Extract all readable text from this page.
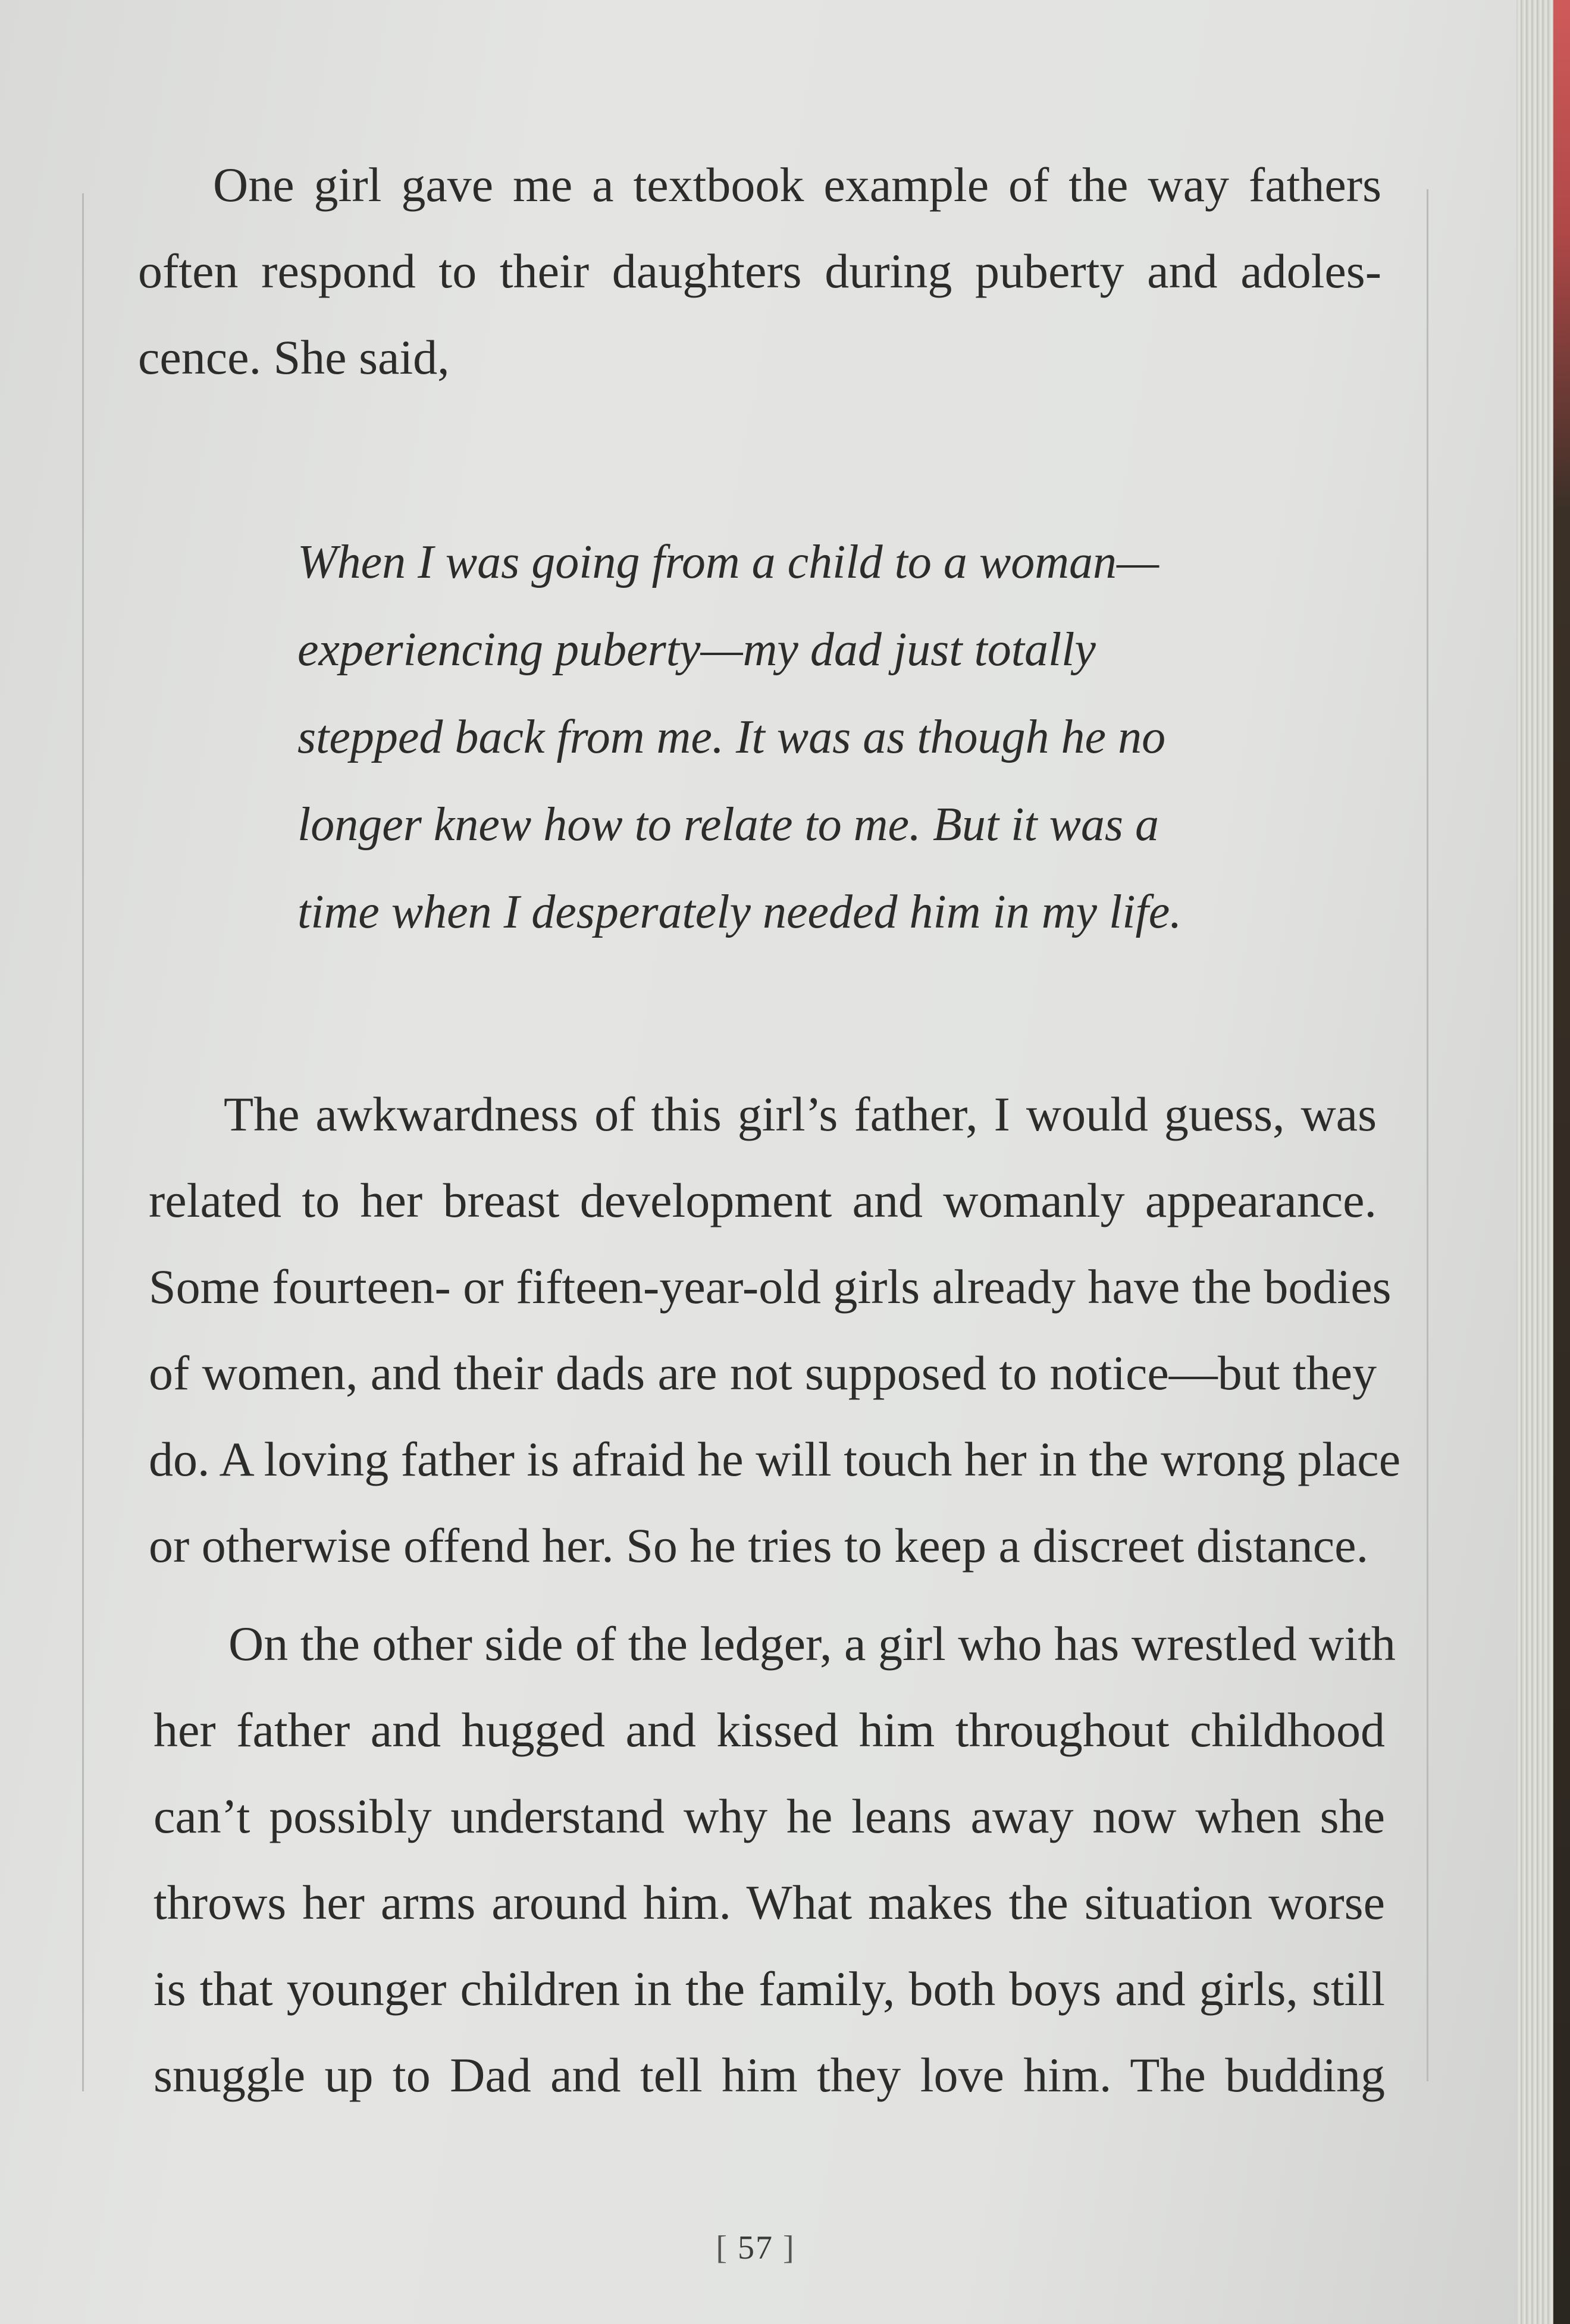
One girl gave me a textbook example of the way fathers
often respond to their daughters during puberty and adoles-
cence. She said,

When I was going from a child to a woman—
experiencing puberty—my dad just totally
stepped back from me. It was as though he no
longer knew how to relate to me. But it was a
time when I desperately needed him in my life.

The awkwardness of this girl’s father, I would guess, was
related to her breast development and womanly appearance.
Some fourteen- or fifteen-year-old girls already have the bodies
of women, and their dads are not supposed to notice—but they
do. A loving father is afraid he will touch her in the wrong place
or otherwise offend her. So he tries to keep a discreet distance.

On the other side of the ledger, a girl who has wrestled with
her father and hugged and kissed him throughout childhood
can’t possibly understand why he leans away now when she
throws her arms around him. What makes the situation worse
is that younger children in the family, both boys and girls, still
snuggle up to Dad and tell him they love him. The budding

[ 57 ]
